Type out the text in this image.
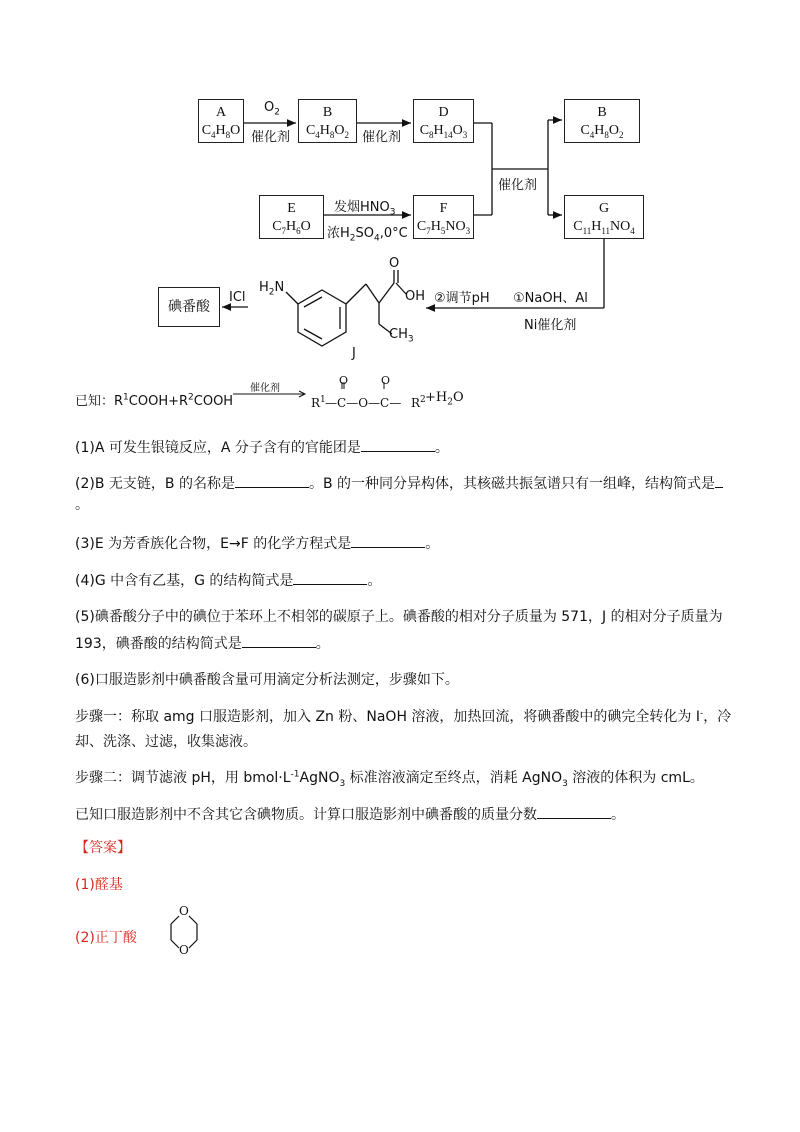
A
$C_4H_8O$
B
$C_4H_8O_2$
D
$C_8H_{14}O_3$
B
$C_4H_8O_2$
E
$C_7H_6O$
F
$C_7H_5NO_3$
G
$C_{11}H_{11}NO_4$
碘番酸
$O_2$
催化剂	催化剂
催化剂
发烟$HNO_3$
浓$H_2SO_4,0^\circ C$
①NaOH、Al
②调节pH
Ni催化剂
ICl
J
$H_2N$
O
OH
$CH_3$
已知：$R^1COOH+R^2COOH$
催化剂
$R^1$ —C—O—C—
O	O
$R^2 +H_2O$
(1)A 可发生银镜反应，A 分子含有的官能团是	。
(2)B 无支链，B 的名称是	。B 的一种同分异构体，其核磁共振氢谱只有一组峰，结构简式是
。
(3)E 为芳香族化合物，E→F 的化学方程式是	。
(4)G 中含有乙基，G 的结构简式是	。
(5)碘番酸分子中的碘位于苯环上不相邻的碳原子上。碘番酸的相对分子质量为 571，J 的相对分子质量为
193，碘番酸的结构简式是	。
(6)口服造影剂中碘番酸含量可用滴定分析法测定，步骤如下。
步骤一：称取 amg 口服造影剂，加入 Zn 粉、NaOH 溶液，加热回流，将碘番酸中的碘完全转化为 I-，冷
却、洗涤、过滤，收集滤液。
步骤二：调节滤液 pH，用 $bmol\cdot L^{-1}AgNO_3$ 标准溶液滴定至终点，消耗 AgNO$_3$ 溶液的体积为 cmL。
已知口服造影剂中不含其它含碘物质。计算口服造影剂中碘番酸的质量分数	。
【答案】
(1)醛基
(2)正丁酸
O
O
